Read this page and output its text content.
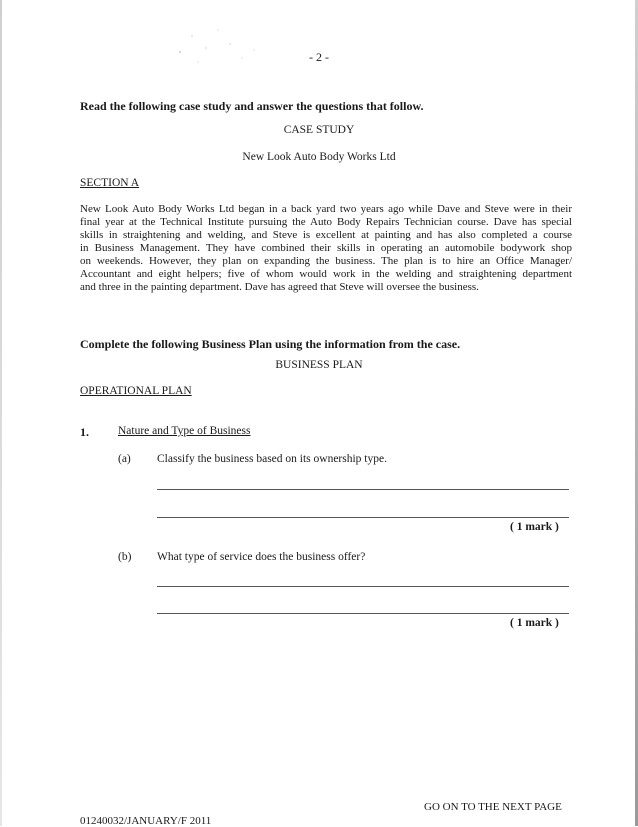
- 2 -
Read the following case study and answer the questions that follow.
CASE STUDY
New Look Auto Body Works Ltd
SECTION A
New Look Auto Body Works Ltd began in a back yard two years ago while Dave and Steve were in their
final year at the Technical Institute pursuing the Auto Body Repairs Technician course. Dave has special
skills in straightening and welding, and Steve is excellent at painting and has also completed a course
in Business Management. They have combined their skills in operating an automobile bodywork shop
on weekends. However, they plan on expanding the business. The plan is to hire an Office Manager/
Accountant and eight helpers; five of whom would work in the welding and straightening department
and three in the painting department. Dave has agreed that Steve will oversee the business.
Complete the following Business Plan using the information from the case.
BUSINESS PLAN
OPERATIONAL PLAN
1.	Nature and Type of Business
(a) Classify the business based on its ownership type.
( 1 mark )
(b) What type of service does the business offer?
( 1 mark )
GO ON TO THE NEXT PAGE
01240032/JANUARY/F 2011
